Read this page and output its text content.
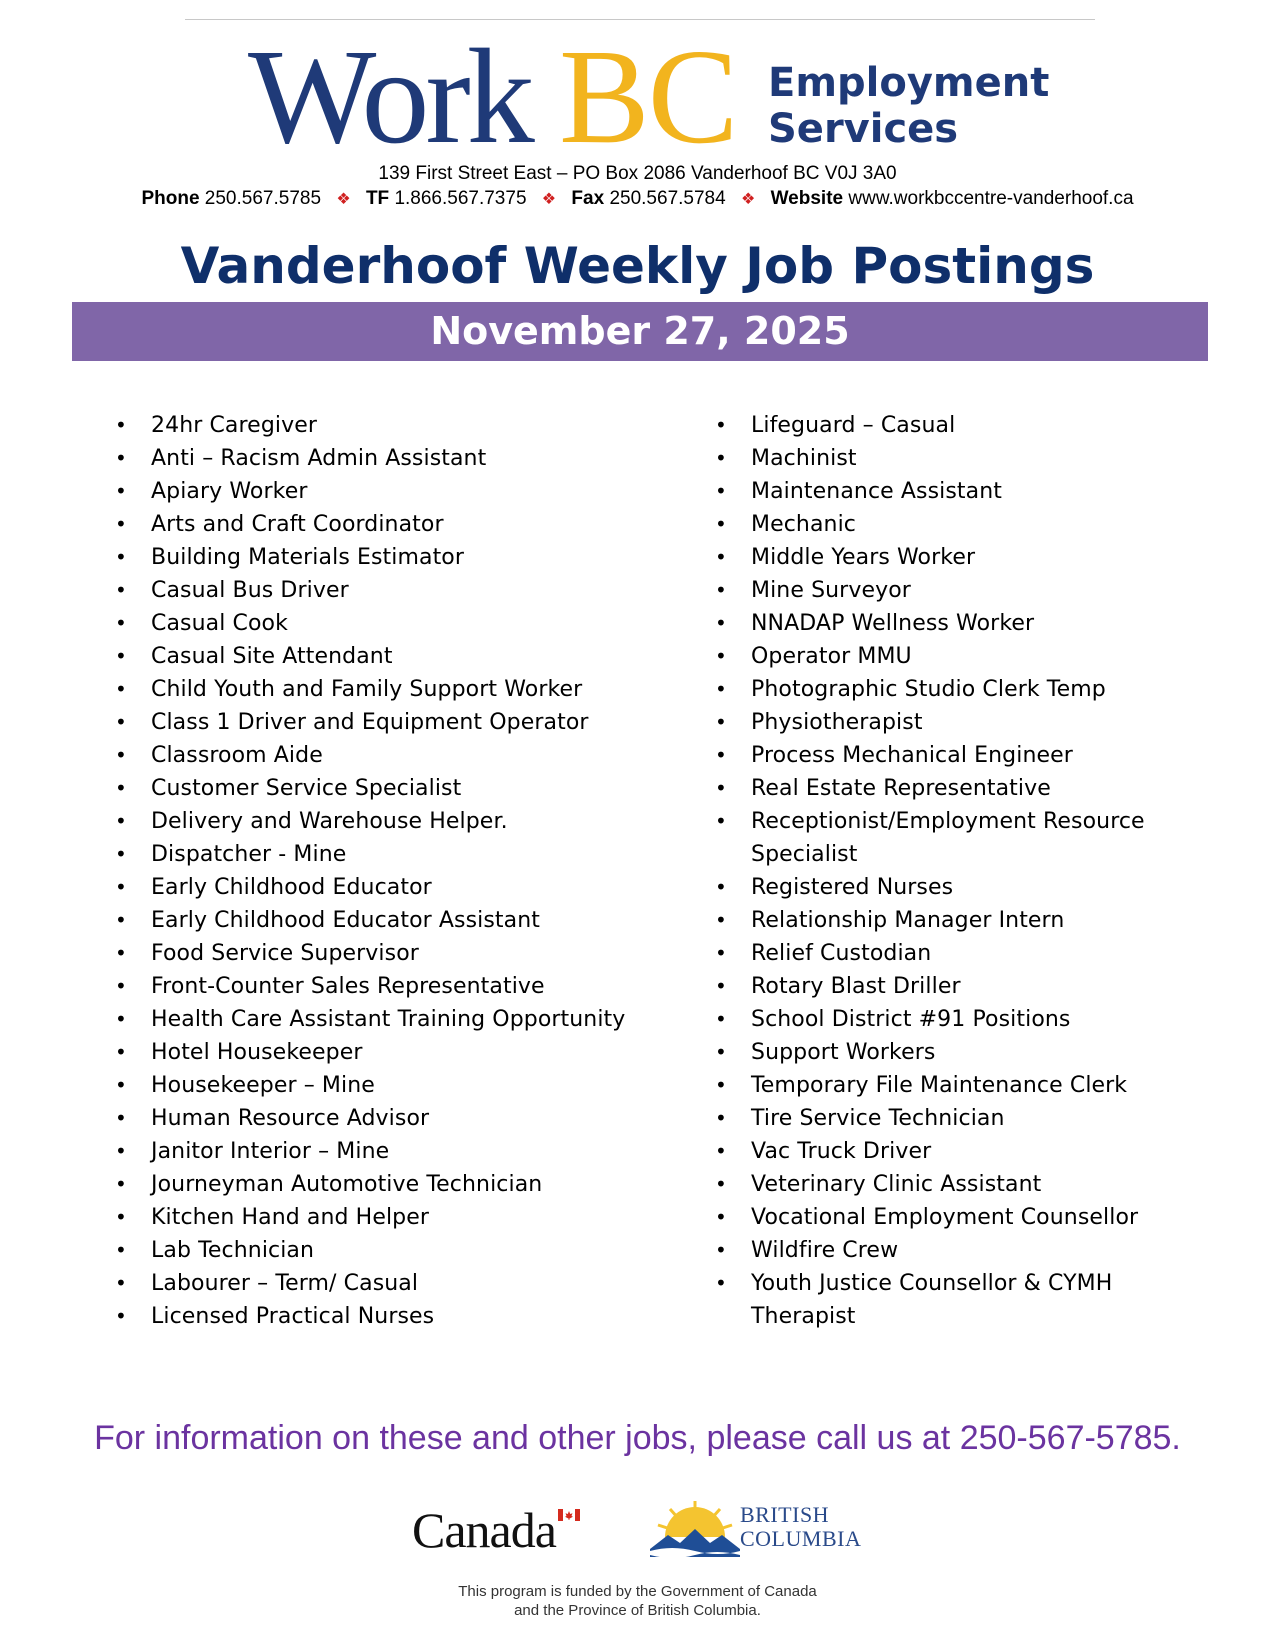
Work BC Employment
Services
139 First Street East – PO Box 2086 Vanderhoof BC V0J 3A0
Phone 250.567.5785 ❖ TF 1.866.567.7375 ❖ Fax 250.567.5784 ❖ Website www.workbccentre-vanderhoof.ca
Vanderhoof Weekly Job Postings
November 27, 2025
• 24hr Caregiver
• Anti – Racism Admin Assistant
• Apiary Worker
• Arts and Craft Coordinator
• Building Materials Estimator
• Casual Bus Driver
• Casual Cook
• Casual Site Attendant
• Child Youth and Family Support Worker
• Class 1 Driver and Equipment Operator
• Classroom Aide
• Customer Service Specialist
• Delivery and Warehouse Helper.
• Dispatcher - Mine
• Early Childhood Educator
• Early Childhood Educator Assistant
• Food Service Supervisor
• Front-Counter Sales Representative
• Health Care Assistant Training Opportunity
• Hotel Housekeeper
• Housekeeper – Mine
• Human Resource Advisor
• Janitor Interior – Mine
• Journeyman Automotive Technician
• Kitchen Hand and Helper
• Lab Technician
• Labourer – Term/ Casual
• Licensed Practical Nurses
• Lifeguard – Casual
• Machinist
• Maintenance Assistant
• Mechanic
• Middle Years Worker
• Mine Surveyor
• NNADAP Wellness Worker
• Operator MMU
• Photographic Studio Clerk Temp
• Physiotherapist
• Process Mechanical Engineer
• Real Estate Representative
• Receptionist/Employment Resource Specialist
• Registered Nurses
• Relationship Manager Intern
• Relief Custodian
• Rotary Blast Driller
• School District #91 Positions
• Support Workers
• Temporary File Maintenance Clerk
• Tire Service Technician
• Vac Truck Driver
• Veterinary Clinic Assistant
• Vocational Employment Counsellor
• Wildfire Crew
• Youth Justice Counsellor & CYMH Therapist
For information on these and other jobs, please call us at 250-567-5785.
Canada	BRITISH
COLUMBIA
This program is funded by the Government of Canada
and the Province of British Columbia.
